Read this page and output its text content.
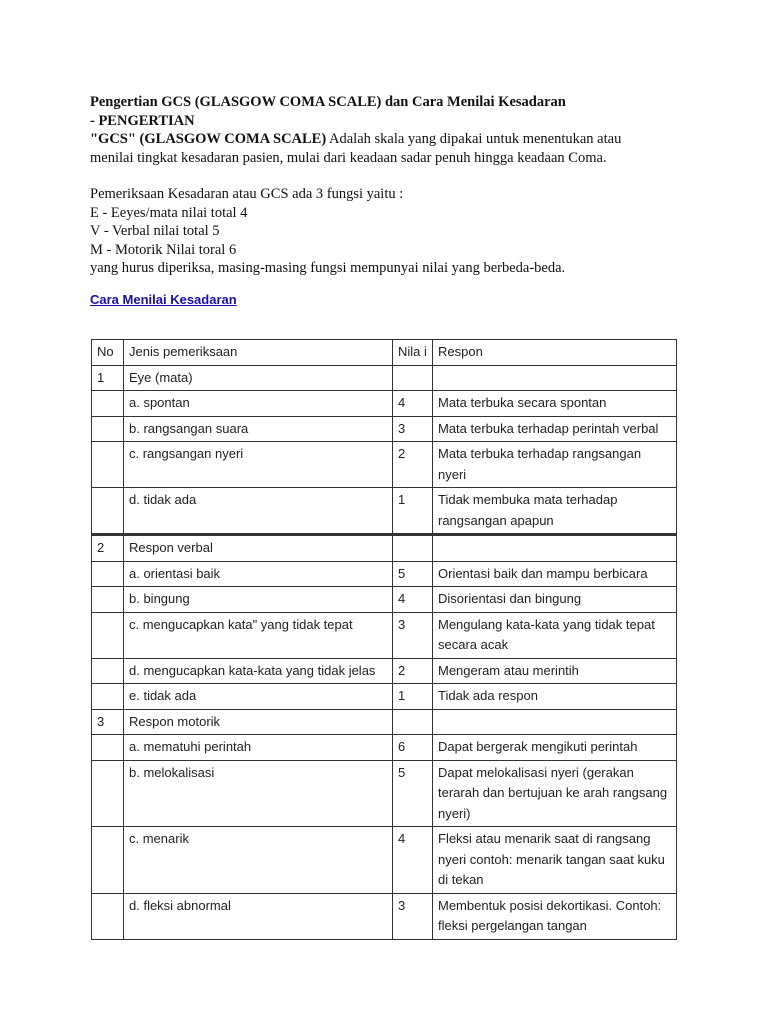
Pengertian GCS (GLASGOW COMA SCALE) dan Cara Menilai Kesadaran

- PENGERTIAN

"GCS" (GLASGOW COMA SCALE) Adalah skala yang dipakai untuk menentukan atau

menilai tingkat kesadaran pasien, mulai dari keadaan sadar penuh hingga keadaan Coma.

Pemeriksaan Kesadaran atau GCS ada 3 fungsi yaitu :

E - Eeyes/mata nilai total 4

V - Verbal nilai total 5

M - Motorik Nilai toral 6

yang hurus diperiksa, masing-masing fungsi mempunyai nilai yang berbeda-beda.

Cara Menilai Kesadaran
No	Jenis pemeriksaan	Nila i	Respon
1	Eye (mata)		
	a. spontan	4	Mata terbuka secara spontan
	b. rangsangan suara	3	Mata terbuka terhadap perintah verbal
	c. rangsangan nyeri	2	Mata terbuka terhadap rangsangan nyeri
	d. tidak ada	1	Tidak membuka mata terhadap rangsangan apapun
2	Respon verbal		
	a. orientasi baik	5	Orientasi baik dan mampu berbicara
	b. bingung	4	Disorientasi dan bingung
	c. mengucapkan kata" yang tidak tepat	3	Mengulang kata-kata yang tidak tepat secara acak
	d. mengucapkan kata-kata yang tidak jelas	2	Mengeram atau merintih
	e. tidak ada	1	Tidak ada respon
3	Respon motorik		
	a. mematuhi perintah	6	Dapat bergerak mengikuti perintah
	b. melokalisasi	5	Dapat melokalisasi nyeri (gerakan terarah dan bertujuan ke arah rangsang nyeri)
	c. menarik	4	Fleksi atau menarik saat di rangsang nyeri contoh: menarik tangan saat kuku di tekan
	d. fleksi abnormal	3	Membentuk posisi dekortikasi. Contoh: fleksi pergelangan tangan
